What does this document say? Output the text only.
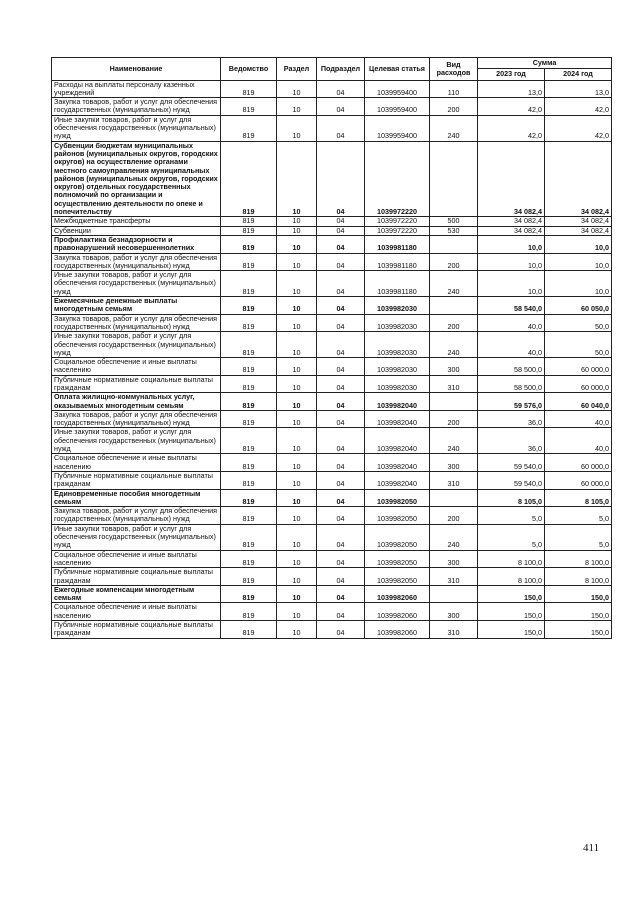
Наименование	Ведомство	Раздел	Подраздел	Целевая статья	Вид расходов	Сумма	
						2023 год	2024 год
Расходы на выплаты персоналу казенных учреждений	819	10	04	1039959400	110	13,0	13,0
Закупка товаров, работ и услуг для обеспечения государственных (муниципальных) нужд	819	10	04	1039959400	200	42,0	42,0
Иные закупки товаров, работ и услуг для обеспечения государственных (муниципальных) нужд	819	10	04	1039959400	240	42,0	42,0
Субвенции бюджетам муниципальных районов (муниципальных округов, городских округов) на осуществление органами местного самоуправления муниципальных районов (муниципальных округов, городских округов) отдельных государственных полномочий по организации и осуществлению деятельности по опеке и попечительству	819	10	04	1039972220		34 082,4	34 082,4
Межбюджетные трансферты	819	10	04	1039972220	500	34 082,4	34 082,4
Субвенции	819	10	04	1039972220	530	34 082,4	34 082,4
Профилактика безнадзорности и правонарушений несовершеннолетних	819	10	04	1039981180		10,0	10,0
Закупка товаров, работ и услуг для обеспечения государственных (муниципальных) нужд	819	10	04	1039981180	200	10,0	10,0
Иные закупки товаров, работ и услуг для обеспечения государственных (муниципальных) нужд	819	10	04	1039981180	240	10,0	10,0
Ежемесячные денежные выплаты многодетным семьям	819	10	04	1039982030		58 540,0	60 050,0
Закупка товаров, работ и услуг для обеспечения государственных (муниципальных) нужд	819	10	04	1039982030	200	40,0	50,0
Иные закупки товаров, работ и услуг для обеспечения государственных (муниципальных) нужд	819	10	04	1039982030	240	40,0	50,0
Социальное обеспечение и иные выплаты населению	819	10	04	1039982030	300	58 500,0	60 000,0
Публичные нормативные социальные выплаты гражданам	819	10	04	1039982030	310	58 500,0	60 000,0
Оплата жилищно-коммунальных услуг, оказываемых многодетным семьям	819	10	04	1039982040		59 576,0	60 040,0
Закупка товаров, работ и услуг для обеспечения государственных (муниципальных) нужд	819	10	04	1039982040	200	36,0	40,0
Иные закупки товаров, работ и услуг для обеспечения государственных (муниципальных) нужд	819	10	04	1039982040	240	36,0	40,0
Социальное обеспечение и иные выплаты населению	819	10	04	1039982040	300	59 540,0	60 000,0
Публичные нормативные социальные выплаты гражданам	819	10	04	1039982040	310	59 540,0	60 000,0
Единовременные пособия многодетным семьям	819	10	04	1039982050		8 105,0	8 105,0
Закупка товаров, работ и услуг для обеспечения государственных (муниципальных) нужд	819	10	04	1039982050	200	5,0	5,0
Иные закупки товаров, работ и услуг для обеспечения государственных (муниципальных) нужд	819	10	04	1039982050	240	5,0	5,0
Социальное обеспечение и иные выплаты населению	819	10	04	1039982050	300	8 100,0	8 100,0
Публичные нормативные социальные выплаты гражданам	819	10	04	1039982050	310	8 100,0	8 100,0
Ежегодные компенсации многодетным семьям	819	10	04	1039982060		150,0	150,0
Социальное обеспечение и иные выплаты населению	819	10	04	1039982060	300	150,0	150,0
Публичные нормативные социальные выплаты гражданам	819	10	04	1039982060	310	150,0	150,0
411
